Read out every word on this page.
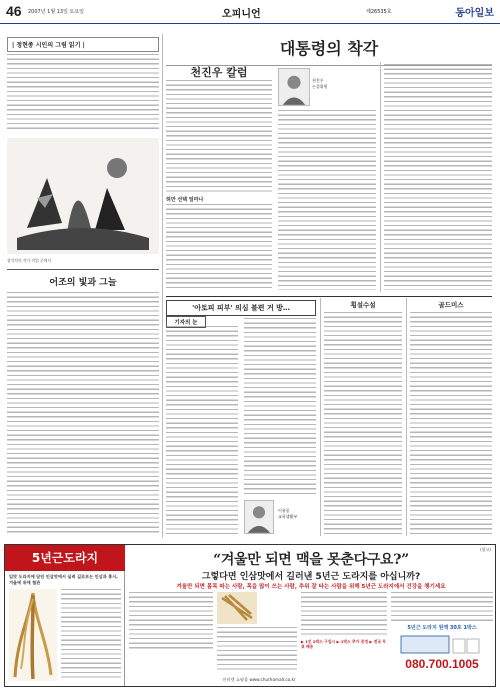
46 2007년 1월 13일 토요일	오피니언	제26535호	동아일보
| 정현종 시인의 그림 읽기 |
장석차의 작가 작업 중에서
어조의 빛과 그늘
대통령의 착각
천진우 칼럼
허만 선택 얼마나
천진우
논설위원
'아토피 피부' 의심 불편 거 방…
기자의 눈
이유종
교육생활부
횡설수설	골드미스
(광고)
5년근도라지
입맛 도라지에 담던 인삼맛에서 실려 길로보는 인삼과 홍시, 겨울에 위에 혈관
“겨울만 되면 맥을 못춘다구요?”
그렇다면 인삼맛에서 길러낸 5년근 도라지를 아십니까?
겨울만 되면 몸목 따는 사람, 목을 많이 쓰는 사람, 추위 잘 타는 사람을 위해 5년근 도라지에서 건강을 챙기세요
▶ 1인 2박스 구입시 ▶ 1박스 추가 증정 ▶ 전국 무료 배송
5년근 도라지 원액 30포 1박스
080.700.1005
인터넷 쇼핑몰 www.churhomall.co.kr
